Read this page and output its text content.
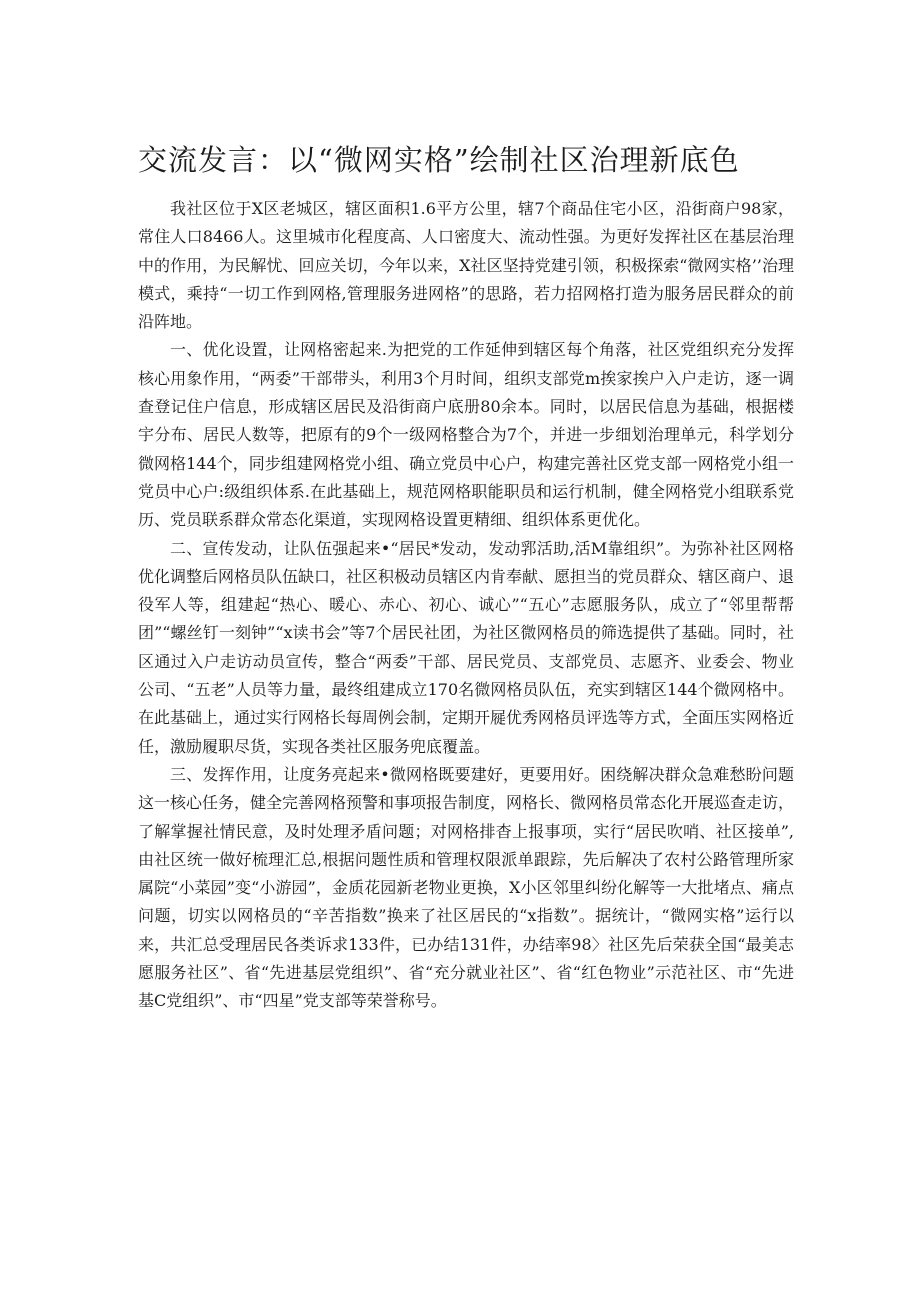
交流发言：以“微网实格”绘制社区治理新底色

我社区位于X区老城区，辖区面积1.6平方公里，辖7个商品住宅小区，沿街商户98家，常住人口8466人。这里城市化程度高、人口密度大、流动性强。为更好发挥社区在基层治理中的作用，为民解忧、回应关切，今年以来，X社区坚持党建引领，积极探索“微网实格’’治理模式，乘持“一切工作到网格,管理服务进网格”的思路，若力招网格打造为服务居民群众的前沿阵地。

一、优化设置，让网格密起来.为把党的工作延伸到辖区每个角落，社区党组织充分发挥核心用象作用，“两委”干部带头，利用3个月时间，组织支部党m挨家挨户入户走访，逐一调查登记住户信息，形成辖区居民及沿街商户底册80余本。同时，以居民信息为基础，根据楼宇分布、居民人数等，把原有的9个一级网格整合为7个，并进一步细划治理单元，科学划分微网格144个，同步组建网格党小组、确立党员中心户，构建完善社区党支部一网格党小组一党员中心户:级组织体系.在此基础上，规范网格职能职员和运行机制，健全网格党小组联系党历、党员联系群众常态化渠道，实现网格设置更精细、组织体系更优化。

二、宣传发动，让队伍强起来•“居民*发动，发动郛活助,活M靠组织”。为弥补社区网格优化调整后网格员队伍缺口，社区积极动员辖区内肯奉献、愿担当的党员群众、辖区商户、退役军人等，组建起“热心、暖心、赤心、初心、诚心”“五心”志愿服务队，成立了“邻里帮帮团”“螺丝钉一刻钟”“x读书会”等7个居民社团，为社区微网格员的筛选提供了基础。同时，社区通过入户走访动员宣传，整合“两委”干部、居民党员、支部党员、志愿齐、业委会、物业公司、“五老”人员等力量，最终组建成立170名微网格员队伍，充实到辖区144个微网格中。在此基础上，通过实行网格长每周例会制，定期开屣优秀网格员评选等方式，全面压实网格近任，激励履职尽货，实现各类社区服务兜底覆盖。

三、发挥作用，让度务亮起来•微网格既要建好，更要用好。困绕解决群众急难愁盼问题这一核心任务，健全完善网格预警和事项报告制度，网格长、微网格员常态化开展巡查走访，了解掌握社情民意，及时处理矛盾问题；对网格排杳上报事项，实行“居民吹哨、社区接单”,由社区统一做好梳理汇总,根据问题性质和管理权限派单跟踪，先后解决了农村公路管理所家属院“小菜园”变“小游园”，金质花园新老物业更换，X小区邻里纠纷化解等一大批堵点、痛点问题，切实以网格员的“辛苦指数”换来了社区居民的“x指数”。据统计，“微网实格”运行以来，共汇总受理居民各类诉求133件，已办结131件，办结率98〉社区先后荣获全国“最美志愿服务社区”、省“先进基层党组织”、省“充分就业社区”、省“红色物业”示范社区、市“先进基C党组织”、市“四星”党支部等荣誉称号。
